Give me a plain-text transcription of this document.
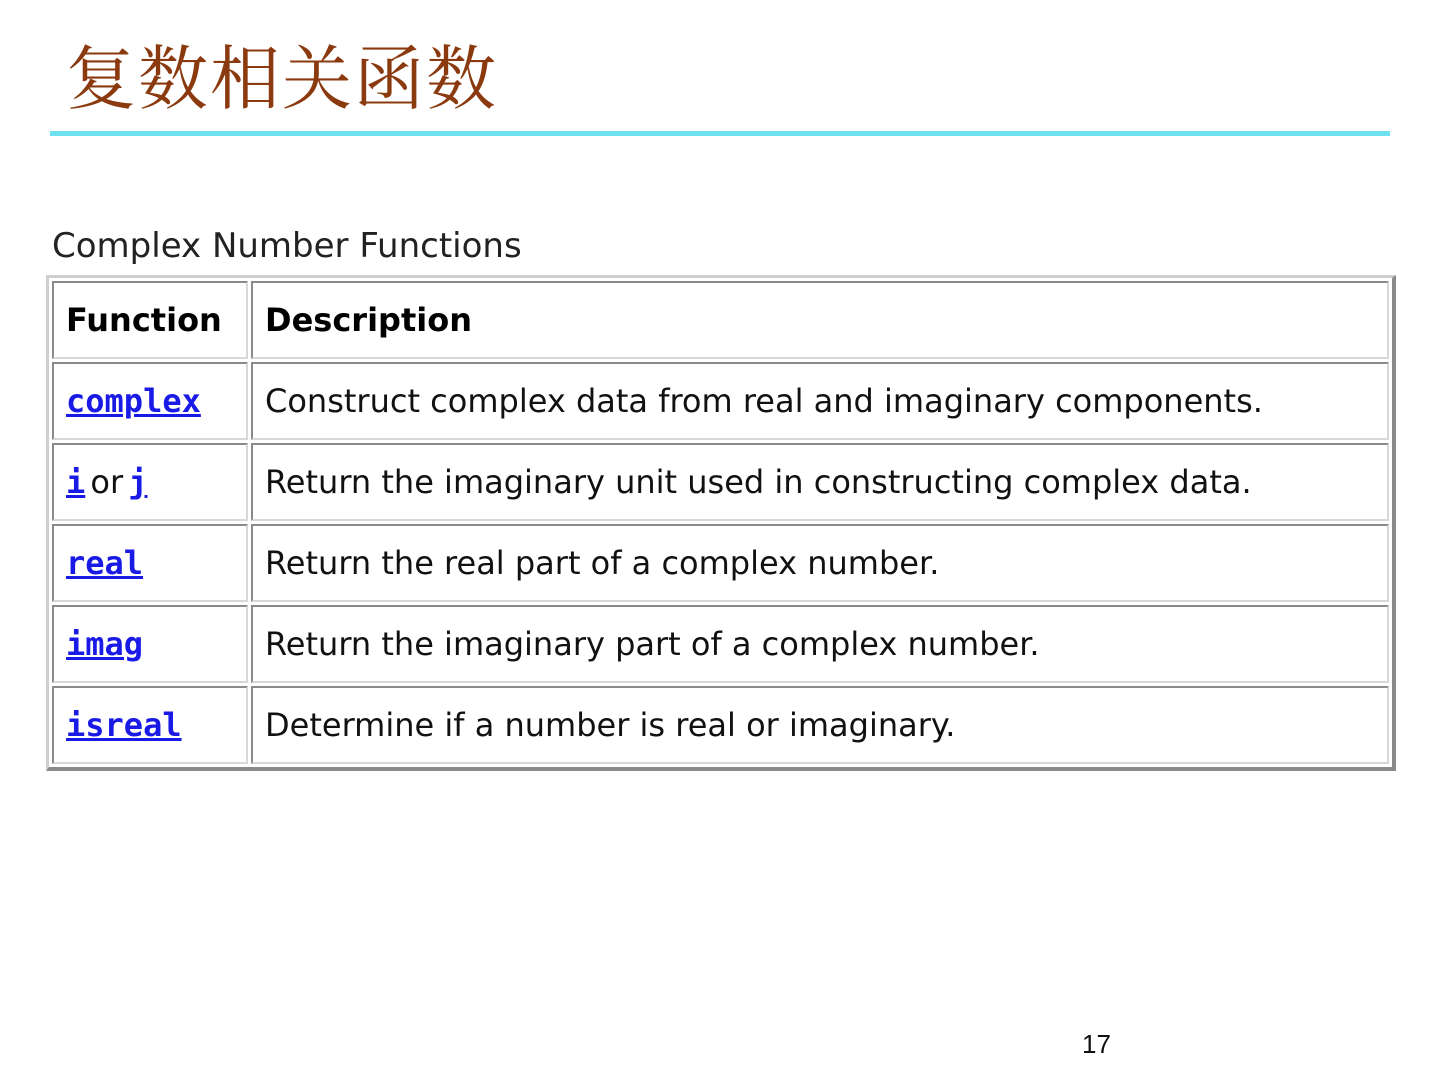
复数相关函数
Complex Number Functions
Function	Description
complex	Construct complex data from real and imaginary components.
i or j	Return the imaginary unit used in constructing complex data.
real	Return the real part of a complex number.
imag	Return the imaginary part of a complex number.
isreal	Determine if a number is real or imaginary.
17
